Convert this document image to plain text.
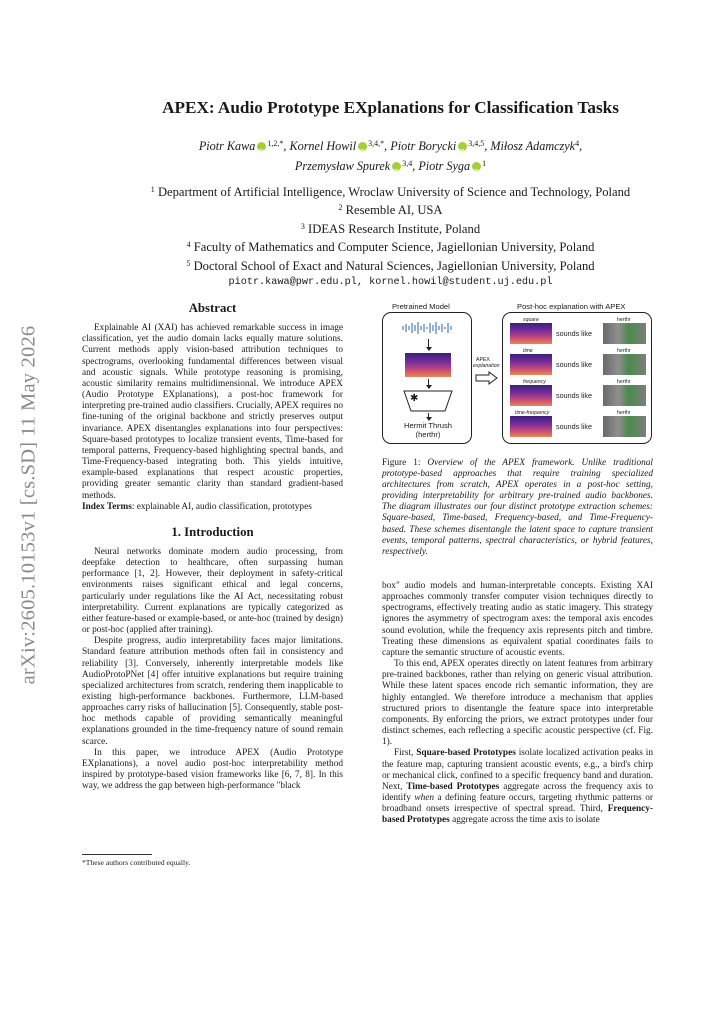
arXiv:2605.10153v1 [cs.SD] 11 May 2026
APEX: Audio Prototype EXplanations for Classification Tasks
Piotr Kawa iD $^{1,2,*}$, Kornel Howil iD $^{3,4,*}$, Piotr Borycki iD $^{3,4,5}$, Miłosz Adamczyk$^4$,
Przemysław Spurek iD $^{3,4}$, Piotr Syga iD $^1$
$^1$ Department of Artificial Intelligence, Wroclaw University of Science and Technology, Poland
$^2$ Resemble AI, USA
$^3$ IDEAS Research Institute, Poland
$^4$ Faculty of Mathematics and Computer Science, Jagiellonian University, Poland
$^5$ Doctoral School of Exact and Natural Sciences, Jagiellonian University, Poland
piotr.kawa@pwr.edu.pl, kornel.howil@student.uj.edu.pl
Abstract
Explainable AI (XAI) has achieved remarkable success in image classification, yet the audio domain lacks equally mature solutions. Current methods apply vision-based attribution techniques to spectrograms, overlooking fundamental differences between visual and acoustic signals. While prototype reasoning is promising, acoustic similarity remains multidimensional. We introduce APEX (Audio Prototype EXplanations), a post-hoc framework for interpreting pre-trained audio classifiers. Crucially, APEX requires no fine-tuning of the original backbone and strictly preserves output invariance. APEX disentangles explanations into four perspectives: Square-based prototypes to localize transient events, Time-based for temporal patterns, Frequency-based highlighting spectral bands, and Time-Frequency-based integrating both. This yields intuitive, example-based explanations that respect acoustic properties, providing greater semantic clarity than standard gradient-based methods.
Index Terms: explainable AI, audio classification, prototypes
1. Introduction
Neural networks dominate modern audio processing, from deepfake detection to healthcare, often surpassing human performance [1, 2]. However, their deployment in safety-critical environments raises significant ethical and legal concerns, particularly under regulations like the AI Act, necessitating robust interpretability. Current explanations are typically categorized as either feature-based or example-based, or ante-hoc (trained by design) or post-hoc (applied after training).
Despite progress, audio interpretability faces major limitations. Standard feature attribution methods often fail in consistency and reliability [3]. Conversely, inherently interpretable models like AudioProtoPNet [4] offer intuitive explanations but require training specialized architectures from scratch, rendering them inapplicable to existing high-performance backbones. Furthermore, LLM-based approaches carry risks of hallucination [5]. Consequently, stable post-hoc methods capable of providing semantically meaningful explanations grounded in the time-frequency nature of sound remain scarce.
In this paper, we introduce APEX (Audio Prototype EXplanations), a novel audio post-hoc interpretability method inspired by prototype-based vision frameworks like [6, 7, 8]. In this way, we address the gap between high-performance "black
*These authors contributed equally.
Pretrained Model	Post-hoc explanation with APEX
✱
Hermit Thrush
(herthr)
APEX
explanation
square	herthr
sounds like
time	herthr
sounds like
frequency	herthr
sounds like
time-frequency	herthr
sounds like
Figure 1: Overview of the APEX framework. Unlike traditional prototype-based approaches that require training specialized architectures from scratch, APEX operates in a post-hoc setting, providing interpretability for arbitrary pre-trained audio backbones. The diagram illustrates our four distinct prototype extraction schemes: Square-based, Time-based, Frequency-based, and Time-Frequency-based. These schemes disentangle the latent space to capture transient events, temporal patterns, spectral characteristics, or hybrid features, respectively.
box" audio models and human-interpretable concepts. Existing XAI approaches commonly transfer computer vision techniques directly to spectrograms, effectively treating audio as static imagery. This strategy ignores the asymmetry of spectrogram axes: the temporal axis encodes sound evolution, while the frequency axis represents pitch and timbre. Treating these dimensions as equivalent spatial coordinates fails to capture the semantic structure of acoustic events.
To this end, APEX operates directly on latent features from arbitrary pre-trained backbones, rather than relying on generic visual attribution. While these latent spaces encode rich semantic information, they are highly entangled. We therefore introduce a mechanism that applies structured priors to disentangle the feature space into interpretable components. By enforcing the priors, we extract prototypes under four distinct schemes, each reflecting a specific acoustic perspective (cf. Fig. 1).
First, Square-based Prototypes isolate localized activation peaks in the feature map, capturing transient acoustic events, e.g., a bird's chirp or mechanical click, confined to a specific frequency band and duration. Next, Time-based Prototypes aggregate across the frequency axis to identify when a defining feature occurs, targeting rhythmic patterns or broadband onsets irrespective of spectral spread. Third, Frequency-based Prototypes aggregate across the time axis to isolate
